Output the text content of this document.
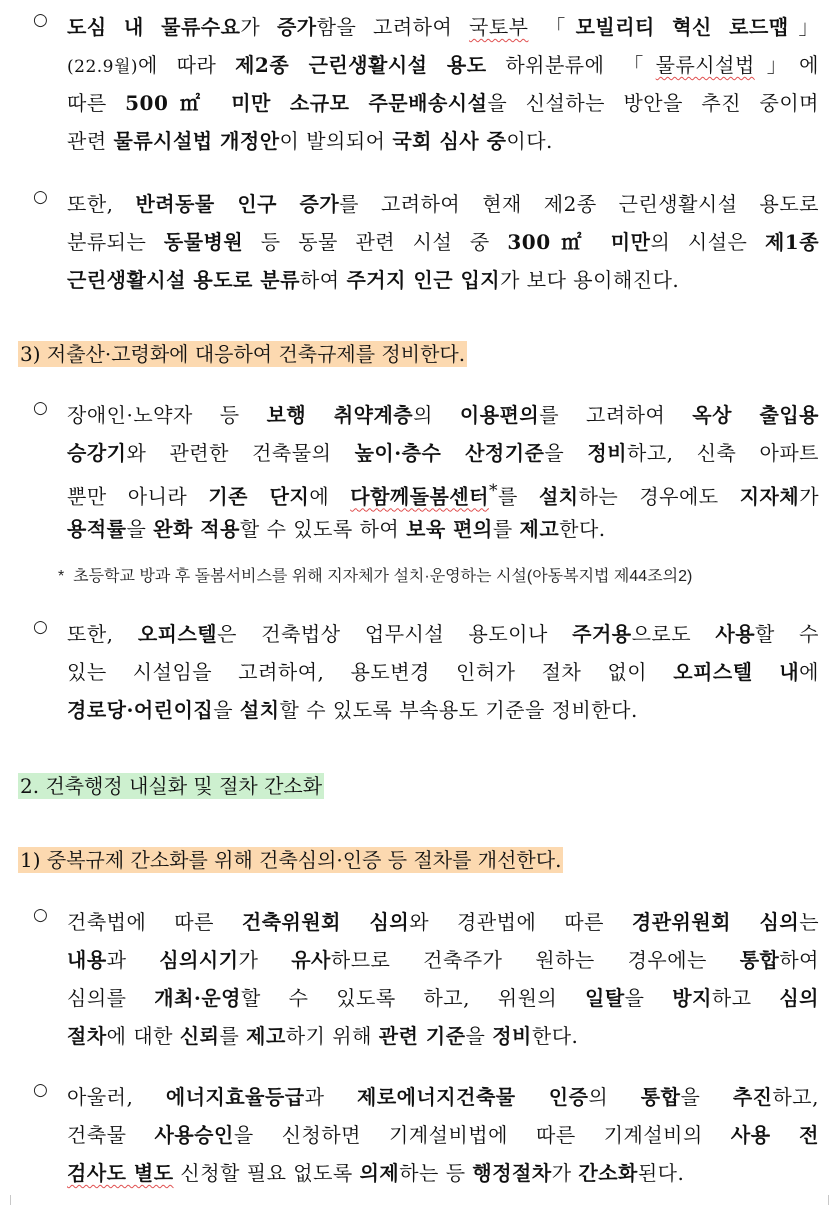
○ 도심 내 물류수요가 증가함을 고려하여 국토부 「모빌리티 혁신 로드맵」
(22.9월)에 따라 제2종 근린생활시설 용도 하위분류에 「물류시설법」에
따른 500㎡ 미만 소규모 주문배송시설을 신설하는 방안을 추진 중이며
관련 물류시설법 개정안이 발의되어 국회 심사 중이다.
○ 또한, 반려동물 인구 증가를 고려하여 현재 제2종 근린생활시설 용도로
분류되는 동물병원 등 동물 관련 시설 중 300㎡ 미만의 시설은 제1종
근린생활시설 용도로 분류하여 주거지 인근 입지가 보다 용이해진다.
3) 저출산·고령화에 대응하여 건축규제를 정비한다.
○ 장애인·노약자 등 보행 취약계층의 이용편의를 고려하여 옥상 출입용
승강기와 관련한 건축물의 높이·층수 산정기준을 정비하고, 신축 아파트
뿐만 아니라 기존 단지에 다함께돌봄센터*를 설치하는 경우에도 지자체가
용적률을 완화 적용할 수 있도록 하여 보육 편의를 제고한다.
* 초등학교 방과 후 돌봄서비스를 위해 지자체가 설치·운영하는 시설(아동복지법 제44조의2)
○ 또한, 오피스텔은 건축법상 업무시설 용도이나 주거용으로도 사용할 수
있는 시설임을 고려하여, 용도변경 인허가 절차 없이 오피스텔 내에
경로당·어린이집을 설치할 수 있도록 부속용도 기준을 정비한다.
2. 건축행정 내실화 및 절차 간소화
1) 중복규제 간소화를 위해 건축심의·인증 등 절차를 개선한다.
○ 건축법에 따른 건축위원회 심의와 경관법에 따른 경관위원회 심의는
내용과 심의시기가 유사하므로 건축주가 원하는 경우에는 통합하여
심의를 개최·운영할 수 있도록 하고, 위원의 일탈을 방지하고 심의
절차에 대한 신뢰를 제고하기 위해 관련 기준을 정비한다.
○ 아울러, 에너지효율등급과 제로에너지건축물 인증의 통합을 추진하고,
건축물 사용승인을 신청하면 기계설비법에 따른 기계설비의 사용 전
검사도 별도 신청할 필요 없도록 의제하는 등 행정절차가 간소화된다.
